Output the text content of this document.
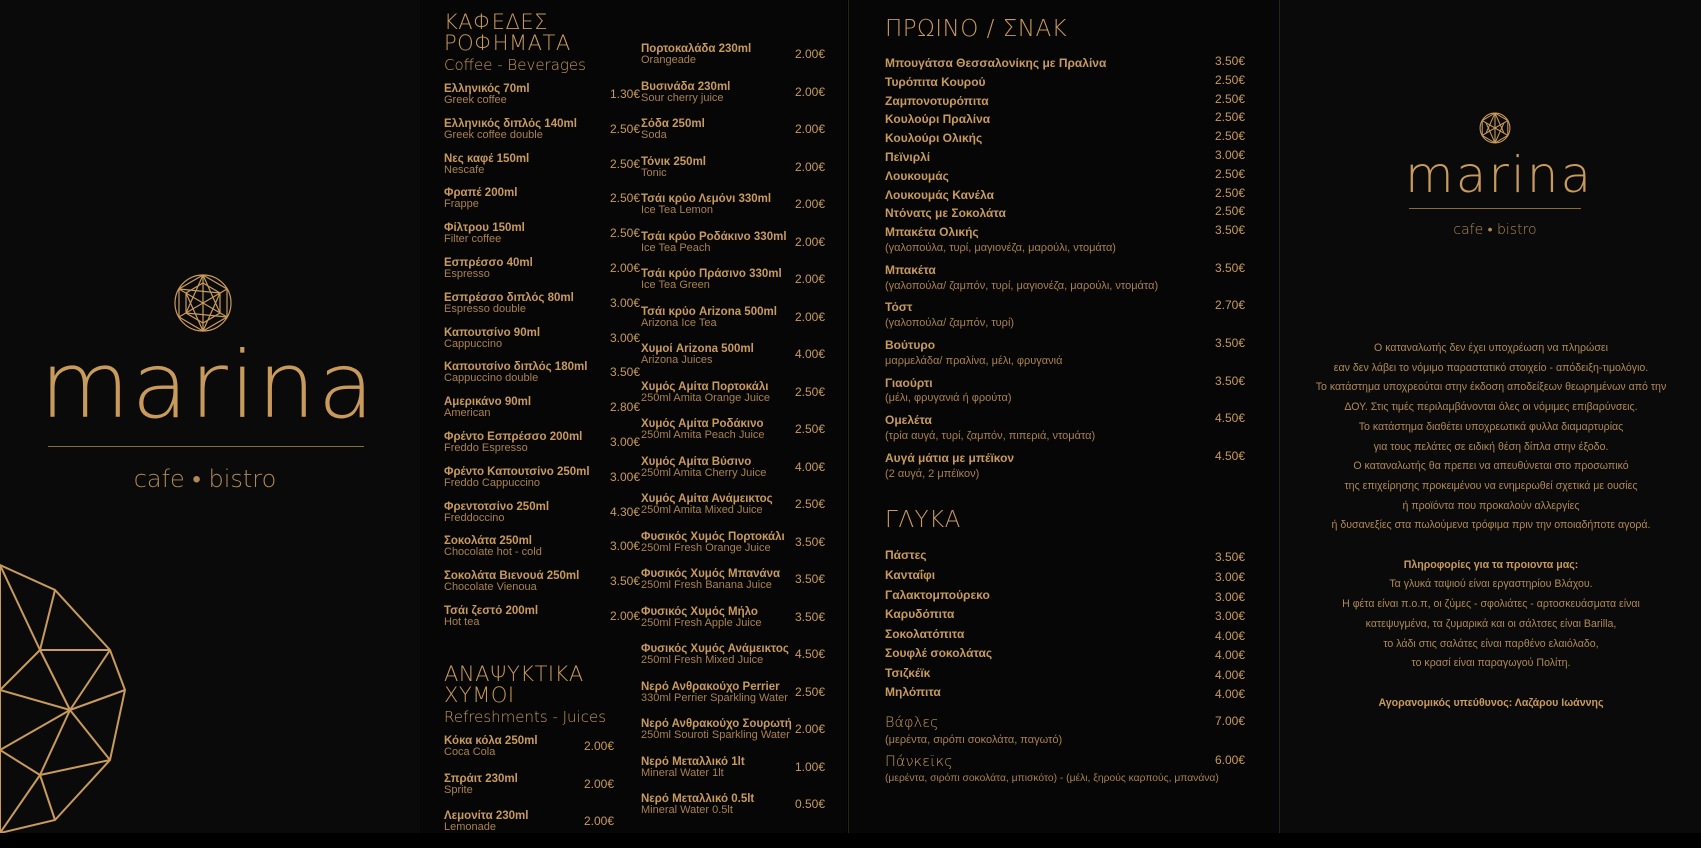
marina
cafe • bistro
ΚΑΦΕΔΕΣ
ΡΟΦΗΜΑΤΑ
Coffee - Beverages
Ελληνικός 70ml
Greek coffee	1.30€
Ελληνικός διπλός 140ml
Greek coffee double	2.50€
Νες καφέ 150ml
Nescafe	2.50€
Φραπέ 200ml
Frappe	2.50€
Φίλτρου 150ml
Filter coffee	2.50€
Εσπρέσσο 40ml
Espresso	2.00€
Εσπρέσσο διπλός 80ml
Espresso double	3.00€
Καπουτσίνο 90ml
Cappuccino	3.00€
Καπουτσίνο διπλός 180ml
Cappuccino double	3.50€
Αμερικάνο 90ml
American	2.80€
Φρέντο Εσπρέσσο 200ml
Freddo Espresso	3.00€
Φρέντο Καπουτσίνο 250ml
Freddo Cappuccino	3.00€
Φρεντοτσίνο 250ml
Freddoccino	4.30€
Σοκολάτα 250ml
Chocolate hot - cold	3.00€
Σοκολάτα Βιενουά 250ml
Chocolate Vienoua	3.50€
Τσάι ζεστό 200ml
Hot tea	2.00€
ΑΝΑΨΥΚΤΙΚΑ
ΧΥΜΟΙ
Refreshments - Juices
Κόκα κόλα 250ml
Coca Cola	2.00€
Σπράιτ 230ml
Sprite	2.00€
Λεμονίτα 230ml
Lemonade	2.00€
Πορτοκαλάδα 230ml
Orangeade	2.00€
Βυσινάδα 230ml
Sour cherry juice	2.00€
Σόδα 250ml
Soda	2.00€
Τόνικ 250ml
Tonic	2.00€
Τσάι κρύο Λεμόνι 330ml
Ice Tea Lemon	2.00€
Τσάι κρύο Ροδάκινο 330ml
Ice Tea Peach	2.00€
Τσάι κρύο Πράσινο 330ml
Ice Tea Green	2.00€
Τσάι κρύο Arizona 500ml
Arizona Ice Tea	2.00€
Χυμοί Arizona 500ml
Arizona Juices	4.00€
Χυμός Αμίτα Πορτοκάλι
250ml Amita Orange Juice	2.50€
Χυμός Αμίτα Ροδάκινο
250ml Amita Peach Juice	2.50€
Χυμός Αμίτα Βύσινο
250ml Amita Cherry Juice	4.00€
Χυμός Αμίτα Ανάμεικτος
250ml Amita Mixed Juice	2.50€
Φυσικός Χυμός Πορτοκάλι
250ml Fresh Orange Juice	3.50€
Φυσικός Χυμός Μπανάνα
250ml Fresh Banana Juice	3.50€
Φυσικός Χυμός Μήλο
250ml Fresh Apple Juice	3.50€
Φυσικός Χυμός Ανάμεικτος
250ml Fresh Mixed Juice	4.50€
Νερό Ανθρακούχο Perrier
330ml Perrier Sparkling Water 2.50€
Νερό Ανθρακούχο Σουρωτή
250ml Souroti Sparkling Water 2.00€
Νερό Μεταλλικό 1lt
Mineral Water 1lt	1.00€
Νερό Μεταλλικό 0.5lt
Mineral Water 0.5lt	0.50€
ΠΡΩΙΝΟ / ΣΝΑΚ
Μπουγάτσα Θεσσαλονίκης με Πραλίνα	3.50€
Τυρόπιτα Κουρού	2.50€
Ζαμπονοτυρόπιτα	2.50€
Κουλούρι Πραλίνα	2.50€
Κουλούρι Ολικής	2.50€
Πεϊνιρλί	3.00€
Λουκουμάς	2.50€
Λουκουμάς Κανέλα	2.50€
Ντόνατς με Σοκολάτα	2.50€
Μπακέτα Ολικής	3.50€
(γαλοπούλα, τυρί, μαγιονέζα, μαρούλι, ντομάτα)
Μπακέτα	3.50€
(γαλοπούλα/ ζαμπόν, τυρί, μαγιονέζα, μαρούλι, ντομάτα)
Τόστ	2.70€
(γαλοπούλα/ ζαμπόν, τυρί)
Βούτυρο	3.50€
μαρμελάδα/ πραλίνα, μέλι, φρυγανιά
Γιαούρτι	3.50€
(μέλι, φρυγανιά ή φρούτα)
Ομελέτα	4.50€
(τρία αυγά, τυρί, ζαμπόν, πιπεριά, ντομάτα)
Αυγά μάτια με μπέϊκον	4.50€
(2 αυγά, 2 μπέϊκον)
ΓΛΥΚΑ
Πάστες	3.50€
Κανταΐφι	3.00€
Γαλακτομπούρεκο	3.00€
Καρυδόπιτα	3.00€
Σοκολατόπιτα	4.00€
Σουφλέ σοκολάτας	4.00€
Τσιζκέϊκ	4.00€
Μηλόπιτα	4.00€
Βάφλες	7.00€
(μερέντα, σιρόπι σοκολάτα, παγωτό)
Πάνκεϊκς	6.00€
(μερέντα, σιρόπι σοκολάτα, μπισκότο) - (μέλι, ξηρούς καρπούς, μπανάνα)
marina
cafe • bistro

Ο καταναλωτής δεν έχει υποχρέωση να πληρώσει

εαν δεν λάβει το νόμιμο παραστατικό στοιχείο - απόδειξη-τιμολόγιο.

Το κατάστημα υποχρεούται στην έκδοση αποδείξεων θεωρημένων από την

ΔΟΥ. Στις τιμές περιλαμβάνονται όλες οι νόμιμες επιβαρύνσεις.

Το κατάστημα διαθέτει υποχρεωτικά φυλλα διαμαρτυρίας

για τους πελάτες σε ειδική θέση δίπλα στην έξοδο.

Ο καταναλωτής θα πρεπει να απευθύνεται στο προσωπικό

της επιχείρησης προκειμένου να ενημερωθεί σχετικά με ουσίες

ή προϊόντα που προκαλούν αλλεργίες

ή δυσανεξίες στα πωλούμενα τρόφιμα πριν την οποιαδήποτε αγορά.

Πληροφορίες για τα προιοντα μας:

Τα γλυκά ταψιού είναι εργαστηρίου Βλάχου.

Η φέτα είναι π.ο.π, οι ζύμες - σφολιάτες - αρτοσκευάσματα είναι

κατεψυγμένα, τα ζυμαρικά και οι σάλτσες είναι Barilla,

το λάδι στις σαλάτες είναι παρθένο ελαιόλαδο,

το κρασί είναι παραγωγού Πολίτη.

Αγορανομικός υπεύθυνος: Λαζάρου Ιωάννης
